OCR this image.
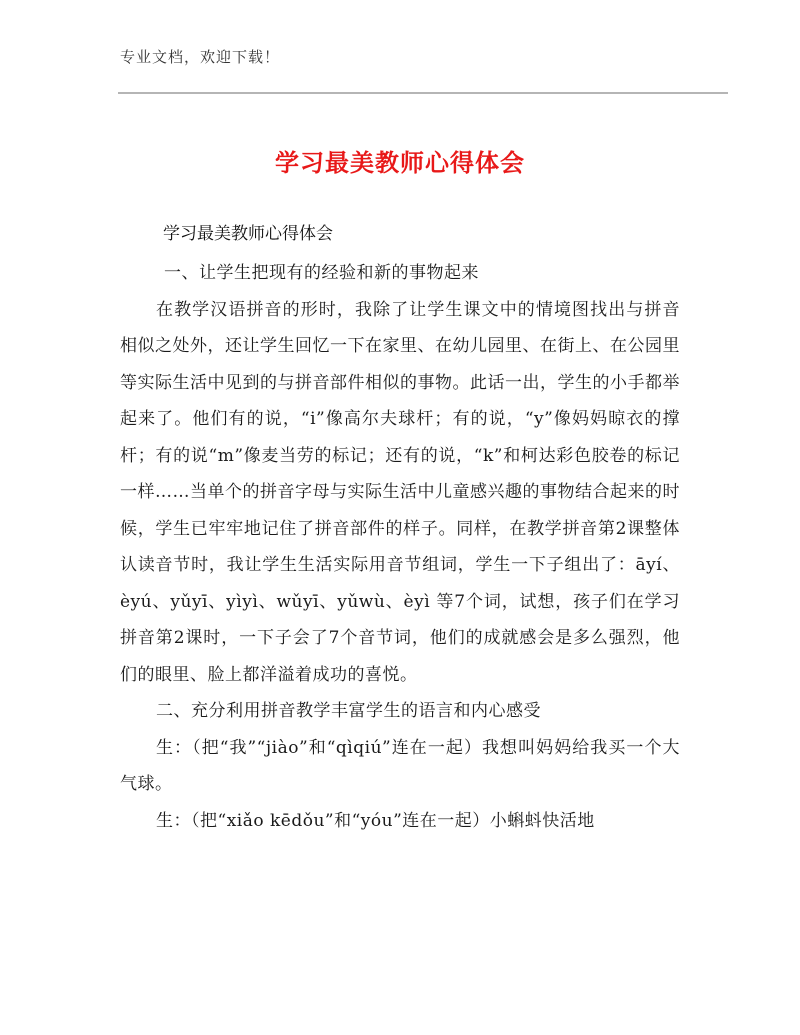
专业文档，欢迎下载！
学习最美教师心得体会
学习最美教师心得体会

一、让学生把现有的经验和新的事物起来

在教学汉语拼音的形时，我除了让学生课文中的情境图找出与拼音相似之处外，还让学生回忆一下在家里、在幼儿园里、在街上、在公园里等实际生活中见到的与拼音部件相似的事物。此话一出，学生的小手都举起来了。他们有的说，“i”像高尔夫球杆；有的说，“y”像妈妈晾衣的撑杆；有的说“m”像麦当劳的标记；还有的说，“k”和柯达彩色胶卷的标记一样……当单个的拼音字母与实际生活中儿童感兴趣的事物结合起来的时候，学生已牢牢地记住了拼音部件的样子。同样，在教学拼音第2课整体认读音节时，我让学生生活实际用音节组词，学生一下子组出了：āyí、èyú、yǔyī、yìyì、wǔyī、yǔwù、èyì 等7个词，试想，孩子们在学习拼音第2课时，一下子会了7个音节词，他们的成就感会是多么强烈，他们的眼里、脸上都洋溢着成功的喜悦。

二、充分利用拼音教学丰富学生的语言和内心感受

生：（把“我”“jiào”和“qìqiú”连在一起）我想叫妈妈给我买一个大气球。

生：（把“xiǎo kēdǒu”和“yóu”连在一起）小蝌蚪快活地
